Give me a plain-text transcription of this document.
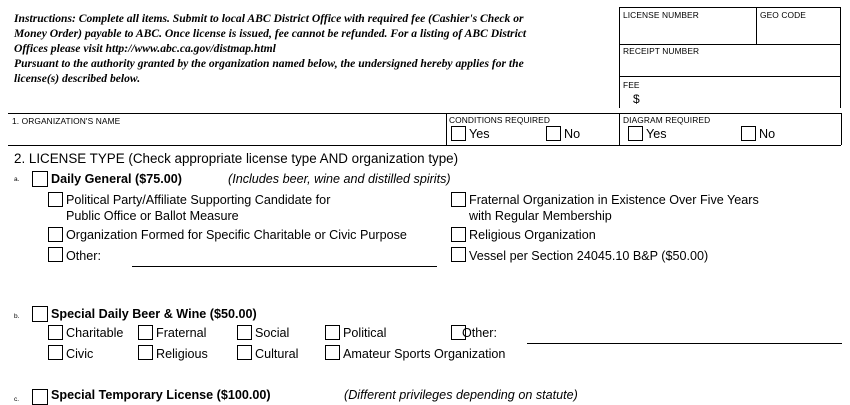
Instructions: Complete all items. Submit to local ABC District Office with required fee (Cashier's Check or
Money Order) payable to ABC. Once license is issued, fee cannot be refunded. For a listing of ABC District
Offices please visit http://www.abc.ca.gov/distmap.html
Pursuant to the authority granted by the organization named below, the undersigned hereby applies for the
license(s) described below.
LICENSE NUMBER	GEO CODE
RECEIPT NUMBER
FEE
$
1. ORGANIZATION'S NAME	CONDITIONS REQUIRED
Yes	No
DIAGRAM REQUIRED
Yes	No
2. LICENSE TYPE (Check appropriate license type AND organization type)
a.	Daily General ($75.00)	(Includes beer, wine and distilled spirits)
Political Party/Affiliate Supporting Candidate for
Public Office or Ballot Measure
Organization Formed for Specific Charitable or Civic Purpose
Other:
Fraternal Organization in Existence Over Five Years
with Regular Membership
Religious Organization
Vessel per Section 24045.10 B&P ($50.00)
b.	Special Daily Beer & Wine ($50.00)
Charitable	Fraternal	Social	Political	Other:
Civic	Religious	Cultural	Amateur Sports Organization
c.	Special Temporary License ($100.00)	(Different privileges depending on statute)
